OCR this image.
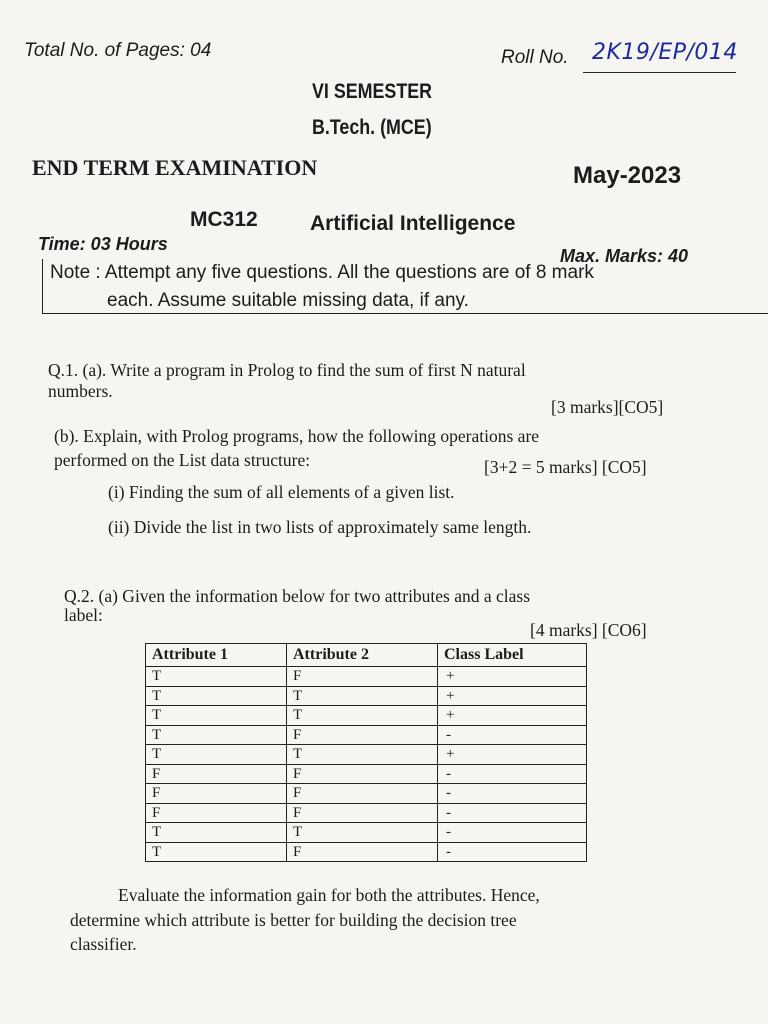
Total No. of Pages: 04	Roll No. 2K19/EP/014
VI SEMESTER
B.Tech. (MCE)
END TERM EXAMINATION	May-2023
MC312 Artificial Intelligence
Time: 03 Hours
Max. Marks: 40
Note : Attempt any five questions. All the questions are of 8 mark
each. Assume suitable missing data, if any.
Q.1. (a). Write a program in Prolog to find the sum of first N natural
numbers.
[3 marks][CO5]
(b). Explain, with Prolog programs, how the following operations are
performed on the List data structure:	[3+2 = 5 marks] [CO5]
(i) Finding the sum of all elements of a given list.
(ii) Divide the list in two lists of approximately same length.
Q.2. (a) Given the information below for two attributes and a class
label:
[4 marks] [CO6]
Attribute 1	Attribute 2	Class Label
T	F	+
T	T	+
T	T	+
T	F	-
T	T	+
F	F	-
F	F	-
F	F	-
T	T	-
T	F	-
Evaluate the information gain for both the attributes. Hence,
determine which attribute is better for building the decision tree
classifier.
